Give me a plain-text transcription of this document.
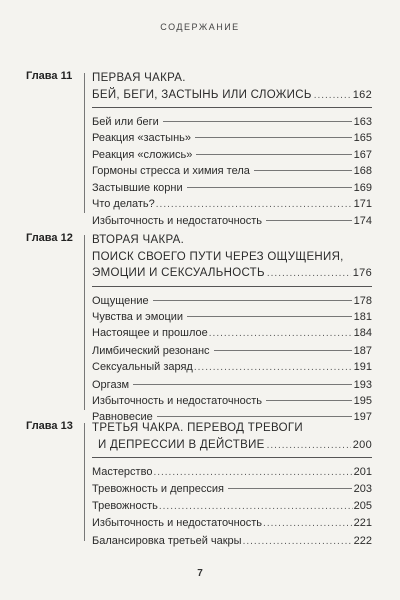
СОДЕРЖАНИЕ
Глава 11 ПЕРВАЯ ЧАКРА.
БЕЙ, БЕГИ, ЗАСТЫНЬ ИЛИ СЛОЖИСЬ .....	162
Бей или беги	163
Реакция «застынь»	165
Реакция «сложись»	167
Гормоны стресса и химия тела	168
Застывшие корни	169
Что делать? .....	171
Избыточность и недостаточность	174
Глава 12 ВТОРАЯ ЧАКРА.
ПОИСК СВОЕГО ПУТИ ЧЕРЕЗ ОЩУЩЕНИЯ,
ЭМОЦИИ И СЕКСУАЛЬНОСТЬ .....	176
Ощущение	178
Чувства и эмоции	181
Настоящее и прошлое .....	184
Лимбический резонанс	187
Сексуальный заряд .....	191
Оргазм	193
Избыточность и недостаточность	195
Равновесие	197
Глава 13 ТРЕТЬЯ ЧАКРА. ПЕРЕВОД ТРЕВОГИ
И ДЕПРЕССИИ В ДЕЙСТВИЕ .....	200
Мастерство .....	201
Тревожность и депрессия	203
Тревожность .....	205
Избыточность и недостаточность .....	221
Балансировка третьей чакры .....	222
7
